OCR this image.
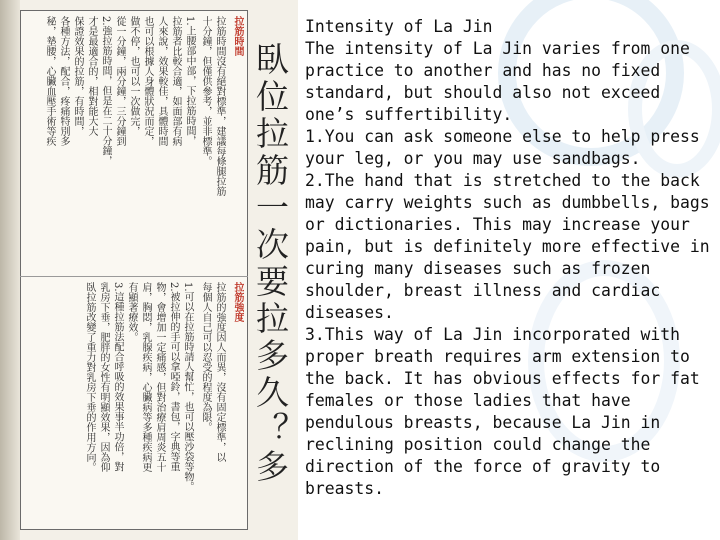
拉筋時間
拉筋時間沒有絕對標準，建議每條腿拉筋
十分鐘，但僅供參考，並非標準。
1.上腰部中部，下拉筋時間，
拉筋者比較合適，如面部有病
人來說，效果較佳，具體時間
也可以根據人身體狀況而定，
做不停，也可以一次做完，
從一分鐘，兩分鐘，三分鐘到
2.強拉筋時間，但是在二十分鐘，
才是最適合的，相對能大大
保證效果的拉筋，有時間，
各種方法，配合，疼痛特別多
秘，墊腰，心臟血壓手術等疾
拉筋強度
拉筋的強度因人而異，沒有固定標準，以
每個人自己可以忍受的程度為限。
1.可以在拉筋時請人幫忙，也可以壓沙袋等物。
2.被拉伸的手可以拿啞鈴，書包，字典等重
物，會增加一定痛感，但對治療肩周炎五十
肩，胸悶，乳腺疾病，心臟病等多種疾病更
有顯著療效。
3.這種拉筋法配合呼吸的效果事半功倍，對
乳房下垂，肥胖的女性有明顯效果，因為仰
臥拉筋改變了重力對乳房下垂的作用方向。
臥位拉筋一次要拉多久？多

Intensity of La Jin

The intensity of La Jin varies from one practice to another and has no fixed standard, but should also not exceed one’s suffertibility.

1.You can ask someone else to help press your leg, or you may use sandbags.

2.The hand that is stretched to the back may carry weights such as dumbbells, bags or dictionaries. This may increase your pain, but is definitely more effective in curing many diseases such as frozen shoulder, breast illness and cardiac diseases.

3.This way of La Jin incorporated with proper breath requires arm extension to the back. It has obvious effects for fat females or those ladies that have pendulous breasts, because La Jin in reclining position could change the direction of the force of gravity to breasts.
